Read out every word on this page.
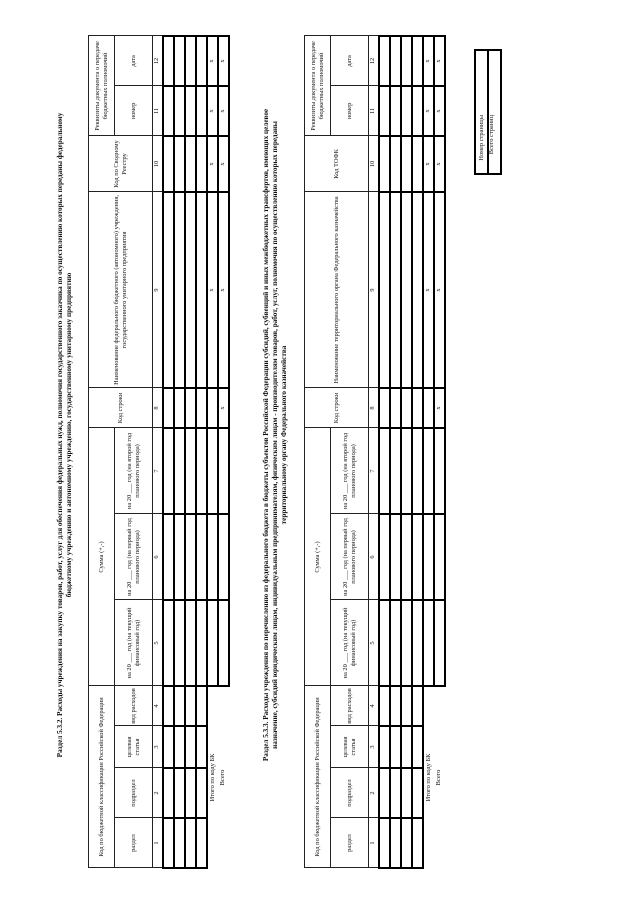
Раздел 5.3.2. Расходы учреждения на закупку товаров, работ, услуг для обеспечения федеральных нужд, полномочия государственного заказчика по осуществлению которых переданы федеральному бюджетному учреждению и автономному учреждению, государственному унитарному предприятию
Код по бюджетной классификации Российской Федерации				Сумма (+,-)			Код строки	Наименование федерального бюджетного (автономного) учреждения, государственного унитарного предприятия	Код по Сводному Реестру	Реквизиты документа о передаче бюджетных полномочий	
раздел	подраздел	целевая статья	вид расходов	на 20 ___ год (на текущий финансовый год)	на 20 ___ год (на первый год планового периода)	на 20 ___ год (на второй год планового периода)				номер	дата
1	2	3	4	5	6	7	8	9	10	11	12

Итого по коду БК								x	x	x	x
Всего							x	x	x	x	x
Раздел 5.3.3. Расходы учреждения по перечислению из федерального бюджета в бюджеты субъектов Российской Федерации субсидий, субвенций и иных межбюджетных трансфертов, имеющих целевое назначение, субсидий юридическим лицам, индивидуальным предпринимателям, физическим лицам - производителям товаров, работ, услуг, полномочия по осуществлению которых переданы территориальному органу Федерального казначейства
Код по бюджетной классификации Российской Федерации				Сумма (+,-)			Код строки	Наименование территориального органа Федерального казначейства	Код ТОФК	Реквизиты документа о передаче бюджетных полномочий	
раздел	подраздел	целевая статья	вид расходов	на 20 ___ год (на текущий финансовый год)	на 20 ___ год (на первый год планового периода)	на 20 ___ год (на второй год планового периода)				номер	дата
1	2	3	4	5	6	7	8	9	10	11	12

Итого по коду БК								x	x	x	x
Всего							x	x	x	x	x
Номер страницы Всего страниц
